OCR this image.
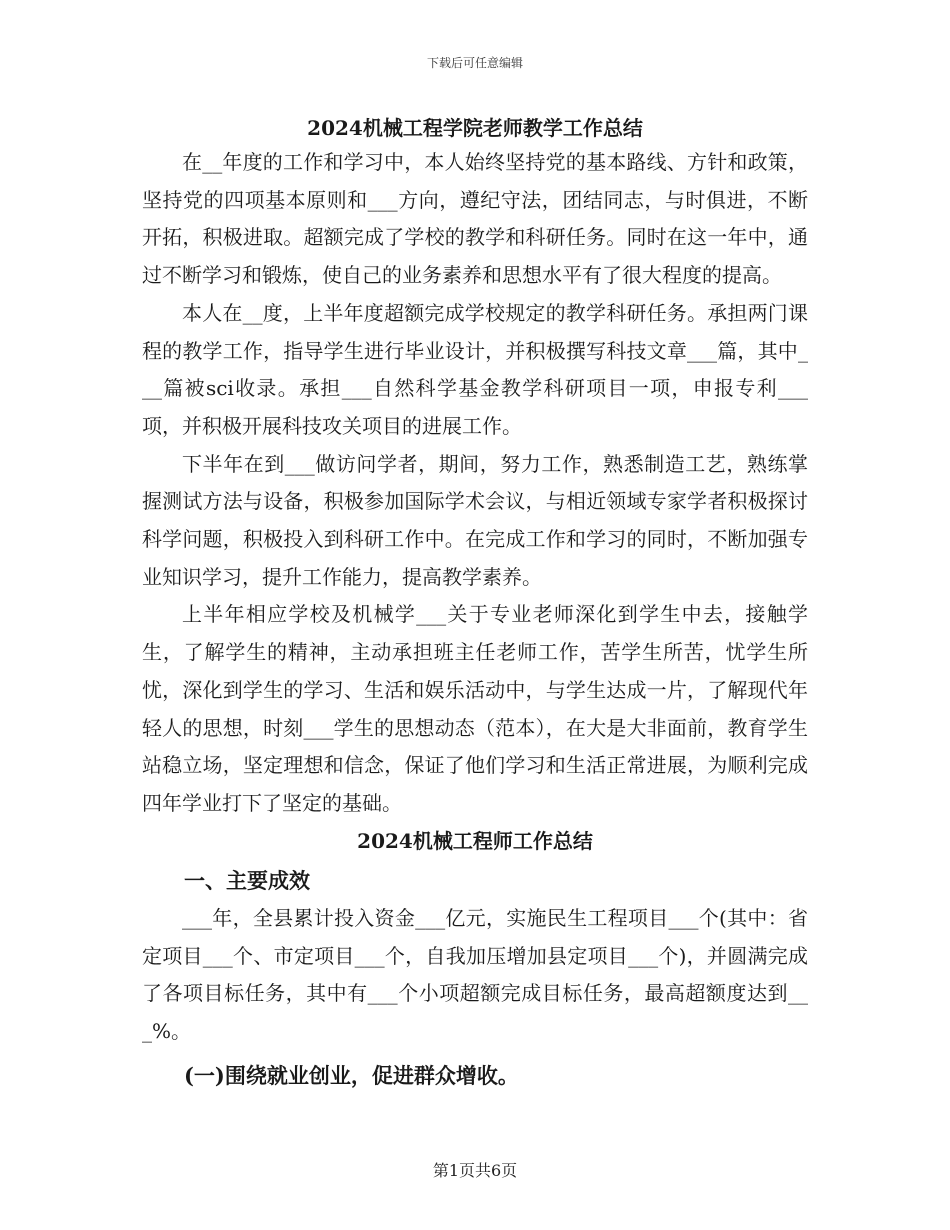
下载后可任意编辑
2024机械工程学院老师教学工作总结

在__年度的工作和学习中，本人始终坚持党的基本路线、方针和政策，坚持党的四项基本原则和___方向，遵纪守法，团结同志，与时俱进，不断开拓，积极进取。超额完成了学校的教学和科研任务。同时在这一年中，通过不断学习和锻炼，使自己的业务素养和思想水平有了很大程度的提高。

本人在__度，上半年度超额完成学校规定的教学科研任务。承担两门课程的教学工作，指导学生进行毕业设计，并积极撰写科技文章___篇，其中___篇被sci收录。承担___自然科学基金教学科研项目一项，申报专利___项，并积极开展科技攻关项目的进展工作。

下半年在到___做访问学者，期间，努力工作，熟悉制造工艺，熟练掌握测试方法与设备，积极参加国际学术会议，与相近领域专家学者积极探讨科学问题，积极投入到科研工作中。在完成工作和学习的同时，不断加强专业知识学习，提升工作能力，提高教学素养。

上半年相应学校及机械学___关于专业老师深化到学生中去，接触学生，了解学生的精神，主动承担班主任老师工作，苦学生所苦，忧学生所忧，深化到学生的学习、生活和娱乐活动中，与学生达成一片，了解现代年轻人的思想，时刻___学生的思想动态（范本），在大是大非面前，教育学生站稳立场，坚定理想和信念，保证了他们学习和生活正常进展，为顺利完成四年学业打下了坚定的基础。

2024机械工程师工作总结
一、主要成效

___年，全县累计投入资金___亿元，实施民生工程项目___个(其中：省定项目___个、市定项目___个，自我加压增加县定项目___个)，并圆满完成了各项目标任务，其中有___个小项超额完成目标任务，最高超额度达到___%。

(一)围绕就业创业，促进群众增收。
第1页共6页
